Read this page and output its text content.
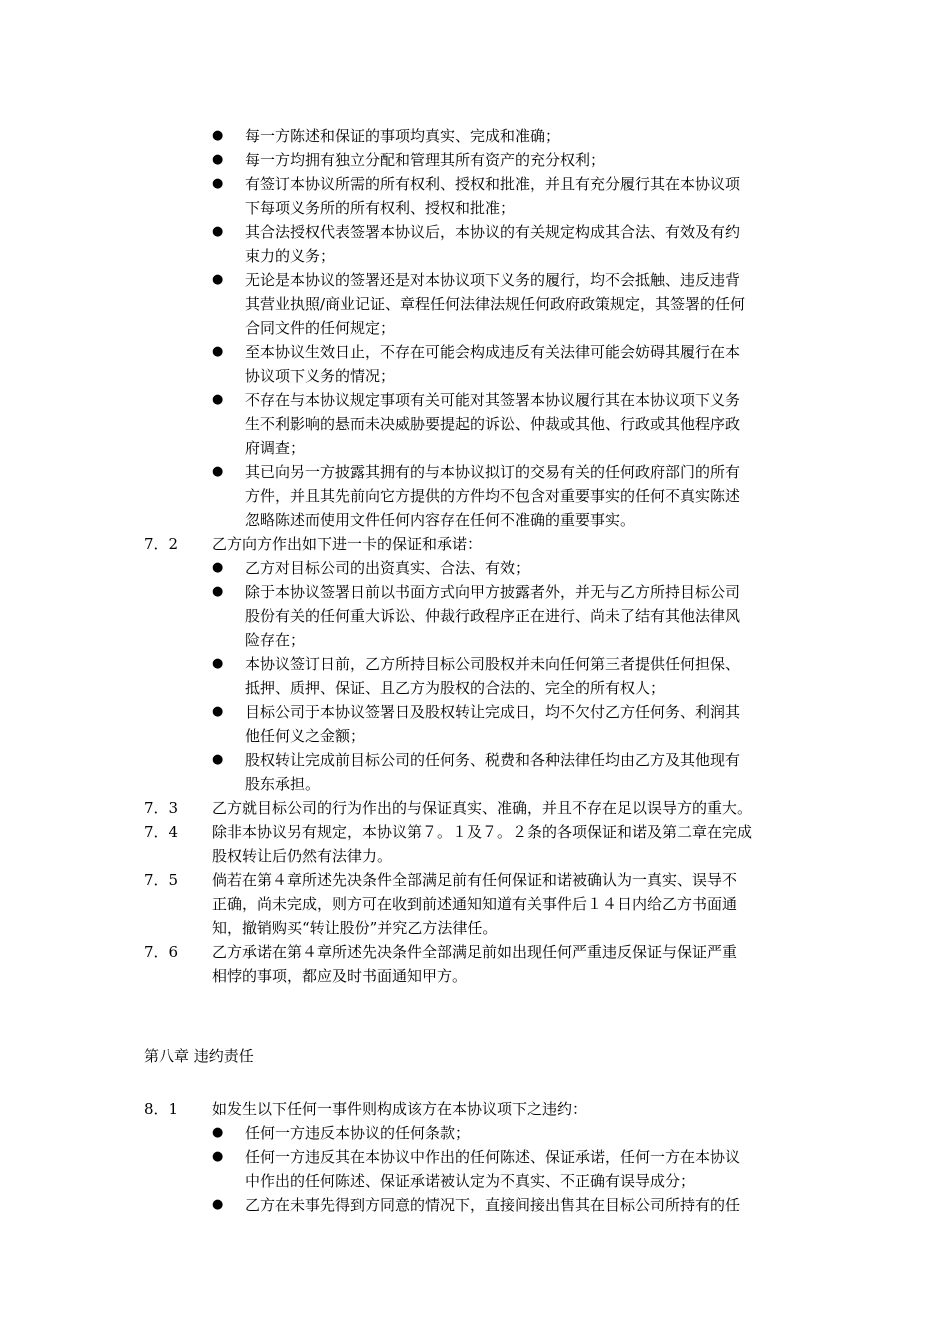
● 每一方陈述和保证的事项均真实、完成和准确；
● 每一方均拥有独立分配和管理其所有资产的充分权利；
● 有签订本协议所需的所有权利、授权和批准，并且有充分履行其在本协议项
下每项义务所的所有权利、授权和批准；
● 其合法授权代表签署本协议后，本协议的有关规定构成其合法、有效及有约
束力的义务；
● 无论是本协议的签署还是对本协议项下义务的履行，均不会抵触、违反违背
其营业执照/商业记证、章程任何法律法规任何政府政策规定，其签署的任何
合同文件的任何规定；
● 至本协议生效日止，不存在可能会构成违反有关法律可能会妨碍其履行在本
协议项下义务的情况；
● 不存在与本协议规定事项有关可能对其签署本协议履行其在本协议项下义务
生不利影响的悬而未决威胁要提起的诉讼、仲裁或其他、行政或其他程序政
府调查；
● 其已向另一方披露其拥有的与本协议拟订的交易有关的任何政府部门的所有
方件，并且其先前向它方提供的方件均不包含对重要事实的任何不真实陈述
忽略陈述而使用文件任何内容存在任何不准确的重要事实。
7．2 乙方向方作出如下进一卡的保证和承诺：
● 乙方对目标公司的出资真实、合法、有效；
● 除于本协议签署日前以书面方式向甲方披露者外，并无与乙方所持目标公司
股份有关的任何重大诉讼、仲裁行政程序正在进行、尚未了结有其他法律风
险存在；
● 本协议签订日前，乙方所持目标公司股权并未向任何第三者提供任何担保、
抵押、质押、保证、且乙方为股权的合法的、完全的所有权人；
● 目标公司于本协议签署日及股权转让完成日，均不欠付乙方任何务、利润其
他任何义之金额；
● 股权转让完成前目标公司的任何务、税费和各种法律任均由乙方及其他现有
股东承担。
7．3 乙方就目标公司的行为作出的与保证真实、准确，并且不存在足以误导方的重大。
7．4 除非本协议另有规定，本协议第７。１及７。２条的各项保证和诺及第二章在完成
股权转让后仍然有法律力。
7．5 倘若在第４章所述先决条件全部满足前有任何保证和诺被确认为一真实、误导不
正确，尚未完成，则方可在收到前述通知知道有关事件后１４日内给乙方书面通
知，撤销购买“转让股份”并究乙方法律任。
7．6 乙方承诺在第４章所述先决条件全部满足前如出现任何严重违反保证与保证严重
相悖的事项，都应及时书面通知甲方。
第八章 违约责任
8．1 如发生以下任何一事件则构成该方在本协议项下之违约：
● 任何一方违反本协议的任何条款；
● 任何一方违反其在本协议中作出的任何陈述、保证承诺，任何一方在本协议
中作出的任何陈述、保证承诺被认定为不真实、不正确有误导成分；
● 乙方在未事先得到方同意的情况下，直接间接出售其在目标公司所持有的任
